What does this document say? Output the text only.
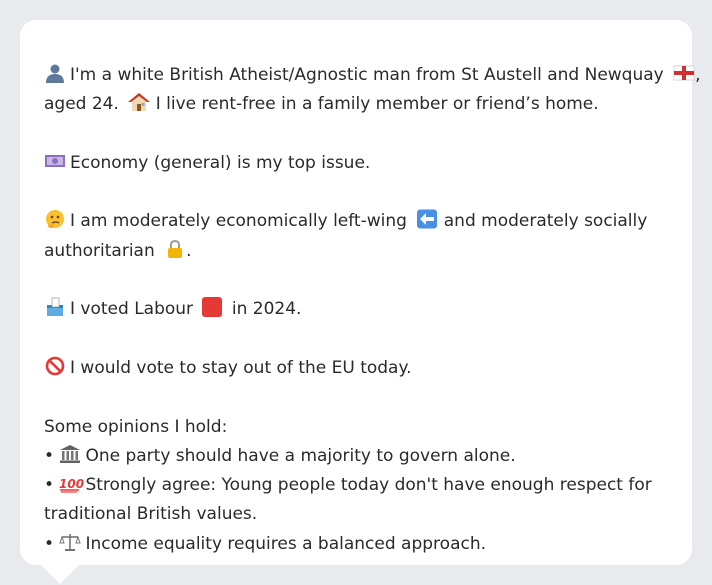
I'm a white British Atheist/Agnostic man from St Austell and Newquay ,
aged 24. I live rent-free in a family member or friend’s home.
Economy (general) is my top issue.
I am moderately economically left-wing and moderately socially
authoritarian .
I voted Labour in 2024.
I would vote to stay out of the EU today.
Some opinions I hold:
• One party should have a majority to govern alone.
• 100 Strongly agree: Young people today don't have enough respect for
traditional British values.
• Income equality requires a balanced approach.
